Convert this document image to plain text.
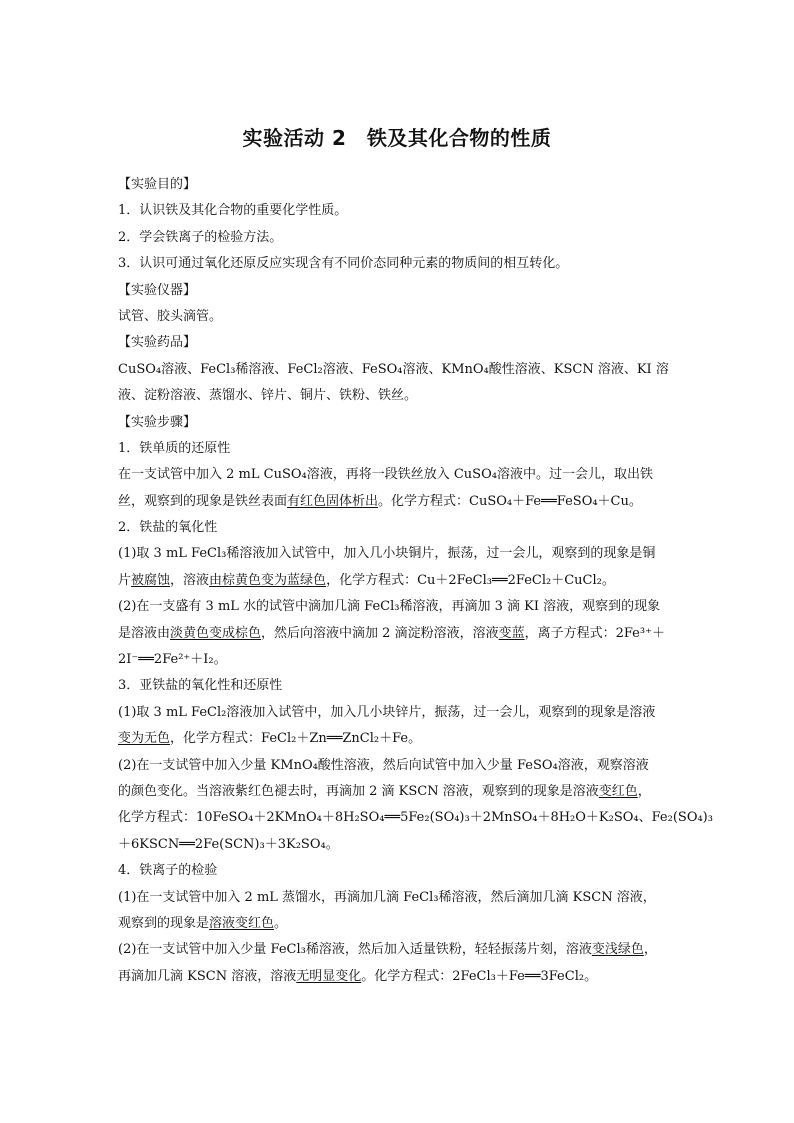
实验活动 2　铁及其化合物的性质
【实验目的】
1．认识铁及其化合物的重要化学性质。
2．学会铁离子的检验方法。
3．认识可通过氧化还原反应实现含有不同价态同种元素的物质间的相互转化。
【实验仪器】
试管、胶头滴管。
【实验药品】
CuSO₄溶液、FeCl₃稀溶液、FeCl₂溶液、FeSO₄溶液、KMnO₄酸性溶液、KSCN 溶液、KI 溶
液、淀粉溶液、蒸馏水、锌片、铜片、铁粉、铁丝。
【实验步骤】
1．铁单质的还原性
在一支试管中加入 2 mL CuSO₄溶液，再将一段铁丝放入 CuSO₄溶液中。过一会儿，取出铁
丝，观察到的现象是铁丝表面有红色固体析出。化学方程式：CuSO₄＋Fe══FeSO₄＋Cu。
2．铁盐的氧化性
(1)取 3 mL FeCl₃稀溶液加入试管中，加入几小块铜片，振荡，过一会儿，观察到的现象是铜
片被腐蚀，溶液由棕黄色变为蓝绿色，化学方程式：Cu＋2FeCl₃══2FeCl₂＋CuCl₂。
(2)在一支盛有 3 mL 水的试管中滴加几滴 FeCl₃稀溶液，再滴加 3 滴 KI 溶液，观察到的现象
是溶液由淡黄色变成棕色，然后向溶液中滴加 2 滴淀粉溶液，溶液变蓝，离子方程式：2Fe³⁺＋
2I⁻══2Fe²⁺＋I₂。
3．亚铁盐的氧化性和还原性
(1)取 3 mL FeCl₂溶液加入试管中，加入几小块锌片，振荡，过一会儿，观察到的现象是溶液
变为无色，化学方程式：FeCl₂＋Zn══ZnCl₂＋Fe。
(2)在一支试管中加入少量 KMnO₄酸性溶液，然后向试管中加入少量 FeSO₄溶液，观察溶液
的颜色变化。当溶液紫红色褪去时，再滴加 2 滴 KSCN 溶液，观察到的现象是溶液变红色，
化学方程式：10FeSO₄＋2KMnO₄＋8H₂SO₄══5Fe₂(SO₄)₃＋2MnSO₄＋8H₂O＋K₂SO₄、Fe₂(SO₄)₃
＋6KSCN══2Fe(SCN)₃＋3K₂SO₄。
4．铁离子的检验
(1)在一支试管中加入 2 mL 蒸馏水，再滴加几滴 FeCl₃稀溶液，然后滴加几滴 KSCN 溶液，
观察到的现象是溶液变红色。
(2)在一支试管中加入少量 FeCl₃稀溶液，然后加入适量铁粉，轻轻振荡片刻，溶液变浅绿色，
再滴加几滴 KSCN 溶液，溶液无明显变化。化学方程式：2FeCl₃＋Fe══3FeCl₂。
